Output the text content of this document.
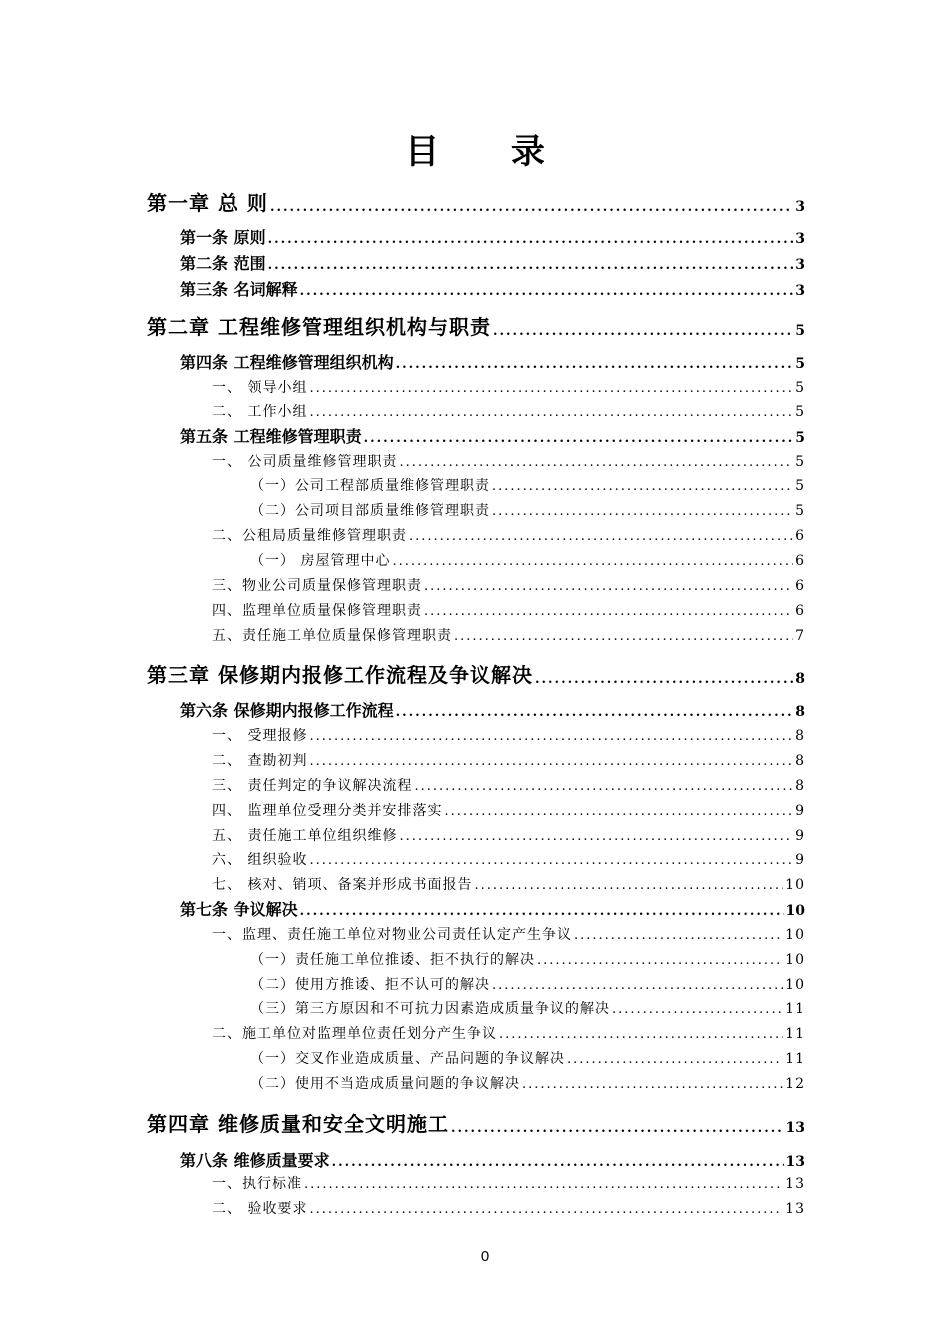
目 录
第一章 总 则 .....	3
第一条 原则 .....	3
第二条 范围 .....	3
第三条 名词解释 .....	3
第二章 工程维修管理组织机构与职责 .....	5
第四条 工程维修管理组织机构 .....	5
一、 领导小组 .....	5
二、 工作小组 .....	5
第五条 工程维修管理职责 .....	5
一、 公司质量维修管理职责 .....	5
（一）公司工程部质量维修管理职责 .....	5
（二）公司项目部质量维修管理职责 .....	5
二、公租局质量维修管理职责 .....	6
（一） 房屋管理中心 .....	6
三、物业公司质量保修管理职责 .....	6
四、监理单位质量保修管理职责 .....	6
五、责任施工单位质量保修管理职责 .....	7
第三章 保修期内报修工作流程及争议解决 .....	8
第六条 保修期内报修工作流程 .....	8
一、 受理报修 .....	8
二、 查勘初判 .....	8
三、 责任判定的争议解决流程 .....	8
四、 监理单位受理分类并安排落实 .....	9
五、 责任施工单位组织维修 .....	9
六、 组织验收 .....	9
七、 核对、销项、备案并形成书面报告 .....	10
第七条 争议解决 .....	10
一、监理、责任施工单位对物业公司责任认定产生争议 .....	10
（一）责任施工单位推诿、拒不执行的解决 .....	10
（二）使用方推诿、拒不认可的解决 .....	10
（三）第三方原因和不可抗力因素造成质量争议的解决 .....	11
二、施工单位对监理单位责任划分产生争议 .....	11
（一）交叉作业造成质量、产品问题的争议解决 .....	11
（二）使用不当造成质量问题的争议解决 .....	12
第四章 维修质量和安全文明施工 .....	13
第八条 维修质量要求 .....	13
一、执行标准 .....	13
二、 验收要求 .....	13
0
